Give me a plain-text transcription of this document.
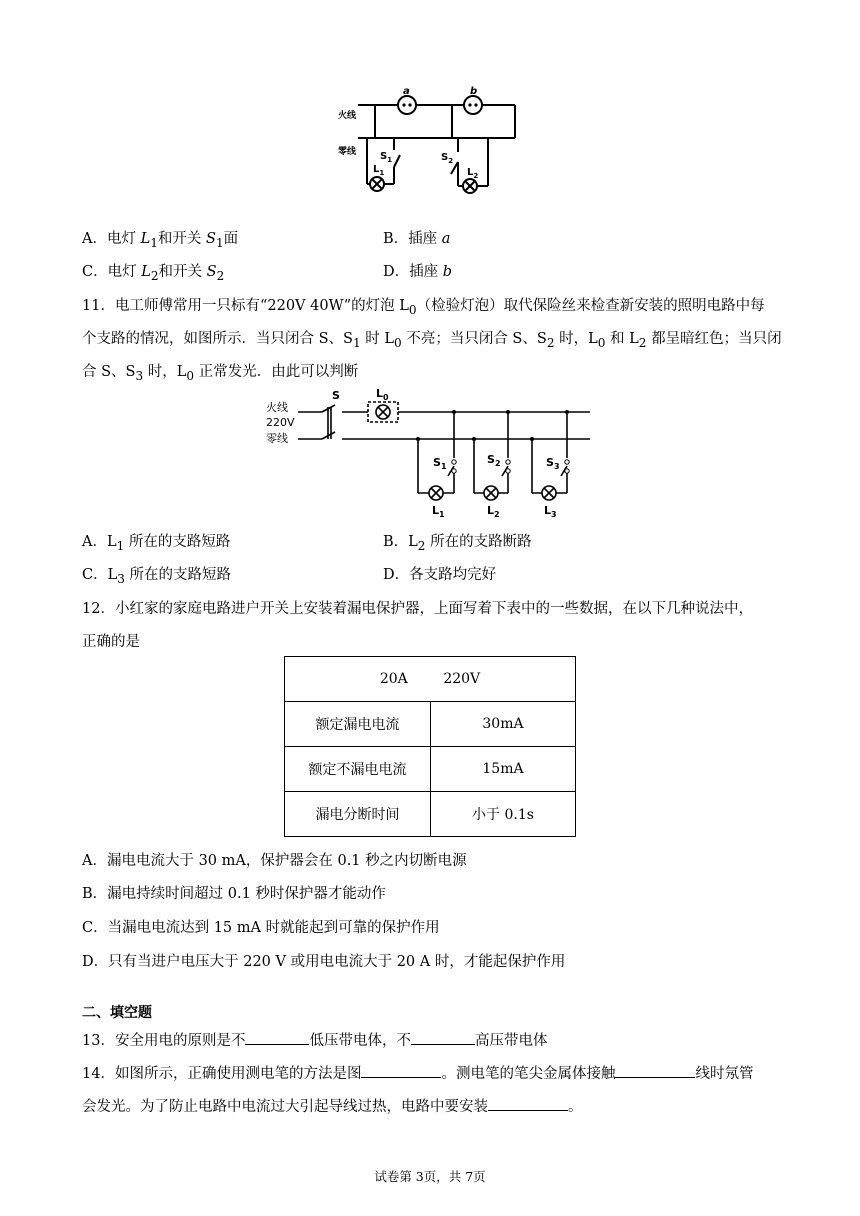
火线
零线
a	b
$S_1$
$L_1$
$S_2$
$L_2$
A．电灯 $L_1$和开关 $S_1$面	B．插座 a
C．电灯 $L_2$和开关 $S_2$	D．插座 b
11．电工师傅常用一只标有“220V 40W”的灯泡 $L_0$（检验灯泡）取代保险丝来检查新安装的照明电路中每
个支路的情况，如图所示．当只闭合 S、$S_1$ 时 $L_0$ 不亮；当只闭合 S、$S_2$ 时，$L_0$ 和 $L_2$ 都呈暗红色；当只闭
合 S、$S_3$ 时，$L_0$ 正常发光．由此可以判断
火线
220V
零线
S	$L_0$
$S_1$
$S_2$	$S_3$
$L_1$	$L_2$	$L_3$
A．$L_1$ 所在的支路短路	B．$L_2$ 所在的支路断路
C．$L_3$ 所在的支路短路	D．各支路均完好
12．小红家的家庭电路进户开关上安装着漏电保护器，上面写着下表中的一些数据，在以下几种说法中，
正确的是
20A        220V	
额定漏电电流	30mA
额定不漏电电流	15mA
漏电分断时间	小于 0.1s
A．漏电电流大于 30 mA，保护器会在 0.1 秒之内切断电源
B．漏电持续时间超过 0.1 秒时保护器才能动作
C．当漏电电流达到 15 mA 时就能起到可靠的保护作用
D．只有当进户电压大于 220 V 或用电电流大于 20 A 时，才能起保护作用
二、填空题
13．安全用电的原则是不	低压带电体，不	高压带电体
14．如图所示，正确使用测电笔的方法是图	。测电笔的笔尖金属体接触	线时氖管
会发光。为了防止电路中电流过大引起导线过热，电路中要安装	。
试卷第 3页，共 7页
